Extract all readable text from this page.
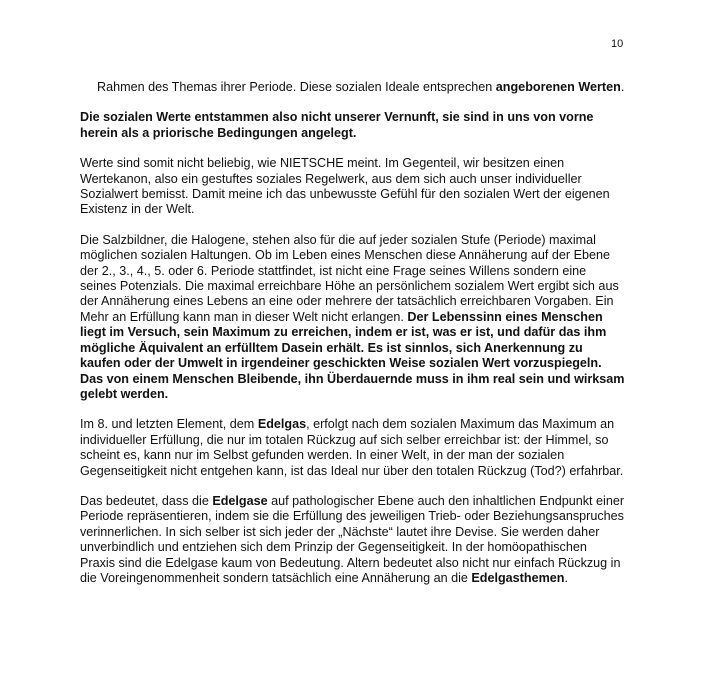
10

Rahmen des Themas ihrer Periode. Diese sozialen Ideale entsprechen angeborenen Werten.

Die sozialen Werte entstammen also nicht unserer Vernunft, sie sind in uns von vorne herein als a priorische Bedingungen angelegt.

Werte sind somit nicht beliebig, wie NIETSCHE meint. Im Gegenteil, wir besitzen einen Wertekanon, also ein gestuftes soziales Regelwerk, aus dem sich auch unser individueller Sozialwert bemisst. Damit meine ich das unbewusste Gefühl für den sozialen Wert der eigenen Existenz in der Welt.

Die Salzbildner, die Halogene, stehen also für die auf jeder sozialen Stufe (Periode) maximal möglichen sozialen Haltungen. Ob im Leben eines Menschen diese Annäherung auf der Ebene der 2., 3., 4., 5. oder 6. Periode stattfindet, ist nicht eine Frage seines Willens sondern eine seines Potenzials. Die maximal erreichbare Höhe an persönlichem sozialem Wert ergibt sich aus der Annäherung eines Lebens an eine oder mehrere der tatsächlich erreichbaren Vorgaben. Ein Mehr an Erfüllung kann man in dieser Welt nicht erlangen. Der Lebenssinn eines Menschen liegt im Versuch, sein Maximum zu erreichen, indem er ist, was er ist, und dafür das ihm mögliche Äquivalent an erfülltem Dasein erhält. Es ist sinnlos, sich Anerkennung zu kaufen oder der Umwelt in irgendeiner geschickten Weise sozialen Wert vorzuspiegeln. Das von einem Menschen Bleibende, ihn Überdauernde muss in ihm real sein und wirksam gelebt werden.

Im 8. und letzten Element, dem Edelgas, erfolgt nach dem sozialen Maximum das Maximum an individueller Erfüllung, die nur im totalen Rückzug auf sich selber erreichbar ist: der Himmel, so scheint es, kann nur im Selbst gefunden werden. In einer Welt, in der man der sozialen Gegenseitigkeit nicht entgehen kann, ist das Ideal nur über den totalen Rückzug (Tod?) erfahrbar.

Das bedeutet, dass die Edelgase auf pathologischer Ebene auch den inhaltlichen Endpunkt einer Periode repräsentieren, indem sie die Erfüllung des jeweiligen Trieb- oder Beziehungsanspruches verinnerlichen. In sich selber ist sich jeder der „Nächste“ lautet ihre Devise. Sie werden daher unverbindlich und entziehen sich dem Prinzip der Gegenseitigkeit. In der homöopathischen Praxis sind die Edelgase kaum von Bedeutung. Altern bedeutet also nicht nur einfach Rückzug in die Voreingenommenheit sondern tatsächlich eine Annäherung an die Edelgasthemen.
